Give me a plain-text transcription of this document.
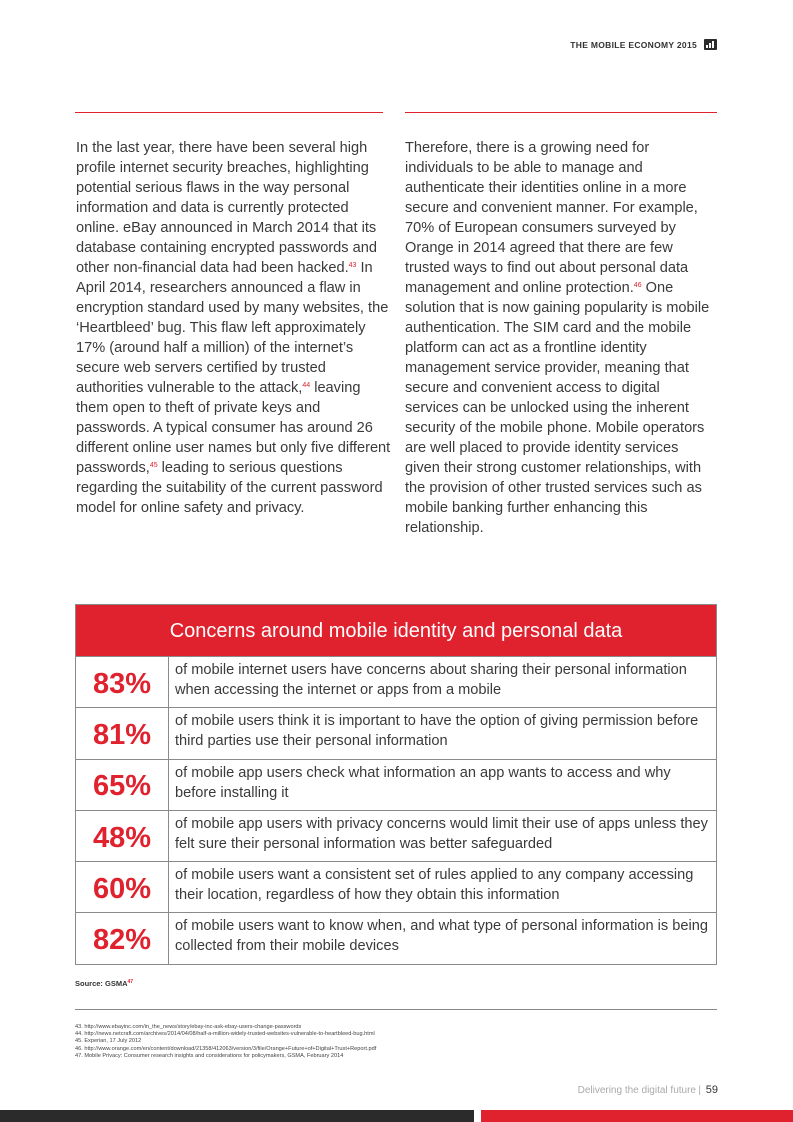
THE MOBILE ECONOMY 2015

In the last year, there have been several high profile internet security breaches, highlighting potential serious flaws in the way personal information and data is currently protected online. eBay announced in March 2014 that its database containing encrypted passwords and other non-financial data had been hacked.$^{43}$ In April 2014, researchers announced a flaw in encryption standard used by many websites, the ‘Heartbleed’ bug. This flaw left approximately 17% (around half a million) of the internet’s secure web servers certified by trusted authorities vulnerable to the attack,$^{44}$ leaving them open to theft of private keys and passwords. A typical consumer has around 26 different online user names but only five different passwords,$^{45}$ leading to serious questions regarding the suitability of the current password model for online safety and privacy.

Therefore, there is a growing need for individuals to be able to manage and authenticate their identities online in a more secure and convenient manner. For example, 70% of European consumers surveyed by Orange in 2014 agreed that there are few trusted ways to find out about personal data management and online protection.$^{46}$ One solution that is now gaining popularity is mobile authentication. The SIM card and the mobile platform can act as a frontline identity management service provider, meaning that secure and convenient access to digital services can be unlocked using the inherent security of the mobile phone. Mobile operators are well placed to provide identity services given their strong customer relationships, with the provision of other trusted services such as mobile banking further enhancing this relationship.

Concerns around mobile identity and personal data
83%	of mobile internet users have concerns about sharing their personal information when accessing the internet or apps from a mobile
81%	of mobile users think it is important to have the option of giving permission before third parties use their personal information
65%	of mobile app users check what information an app wants to access and why before installing it
48%	of mobile app users with privacy concerns would limit their use of apps unless they felt sure their personal information was better safeguarded
60%	of mobile users want a consistent set of rules applied to any company accessing their location, regardless of how they obtain this information
82%	of mobile users want to know when, and what type of personal information is being collected from their mobile devices
Source: GSMA$^{47}$
43. http://www.ebayinc.com/in_the_news/story/ebay-inc-ask-ebay-users-change-passwords
44. http://news.netcraft.com/archives/2014/04/08/half-a-million-widely-trusted-websites-vulnerable-to-heartbleed-bug.html
45. Experian, 17 July 2012
46. http://www.orange.com/en/content/download/21358/412063/version/3/file/Orange+Future+of+Digital+Trust+Report.pdf
47. Mobile Privacy: Consumer research insights and considerations for policymakers, GSMA, February 2014
Delivering the digital future | 59
